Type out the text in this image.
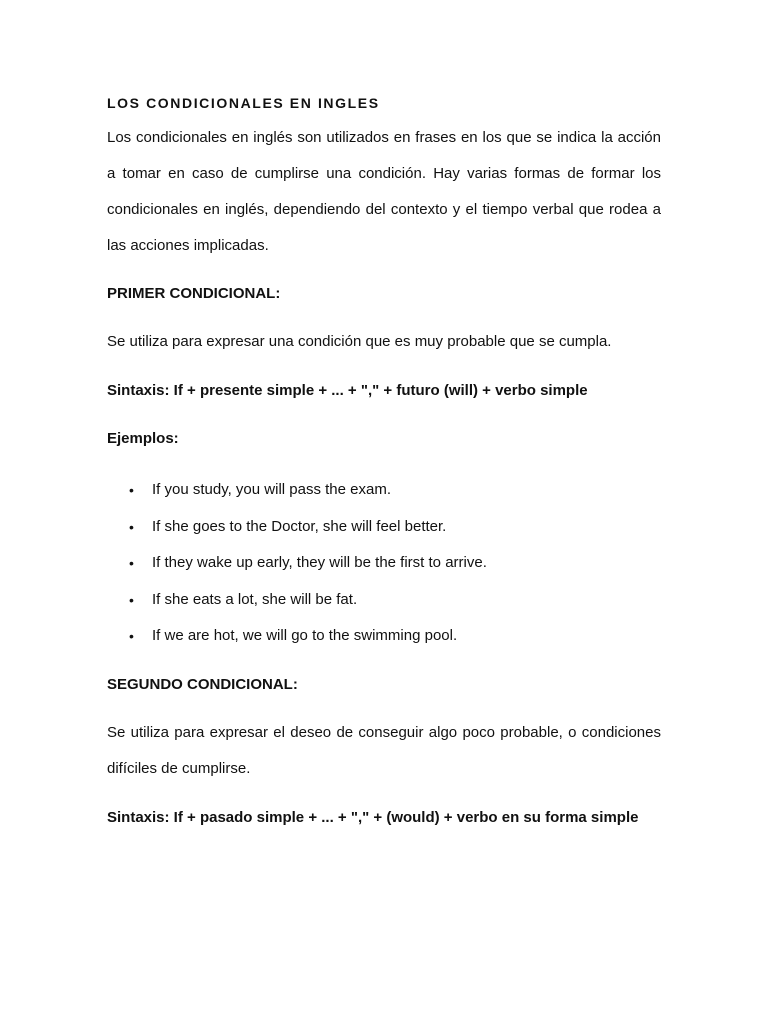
LOS CONDICIONALES EN INGLES

Los condicionales en inglés son utilizados en frases en los que se indica la acción a tomar en caso de cumplirse una condición. Hay varias formas de formar los condicionales en inglés, dependiendo del contexto y el tiempo verbal que rodea a las acciones implicadas.

PRIMER CONDICIONAL:

Se utiliza para expresar una condición que es muy probable que se cumpla.

Sintaxis: If + presente simple + ... + "," + futuro (will) + verbo simple

Ejemplos:

• If you study, you will pass the exam.
• If she goes to the Doctor, she will feel better.
• If they wake up early, they will be the first to arrive.
• If she eats a lot, she will be fat.
• If we are hot, we will go to the swimming pool.

SEGUNDO CONDICIONAL:

Se utiliza para expresar el deseo de conseguir algo poco probable, o condiciones difíciles de cumplirse.

Sintaxis: If + pasado simple + ... + "," + (would) + verbo en su forma simple
